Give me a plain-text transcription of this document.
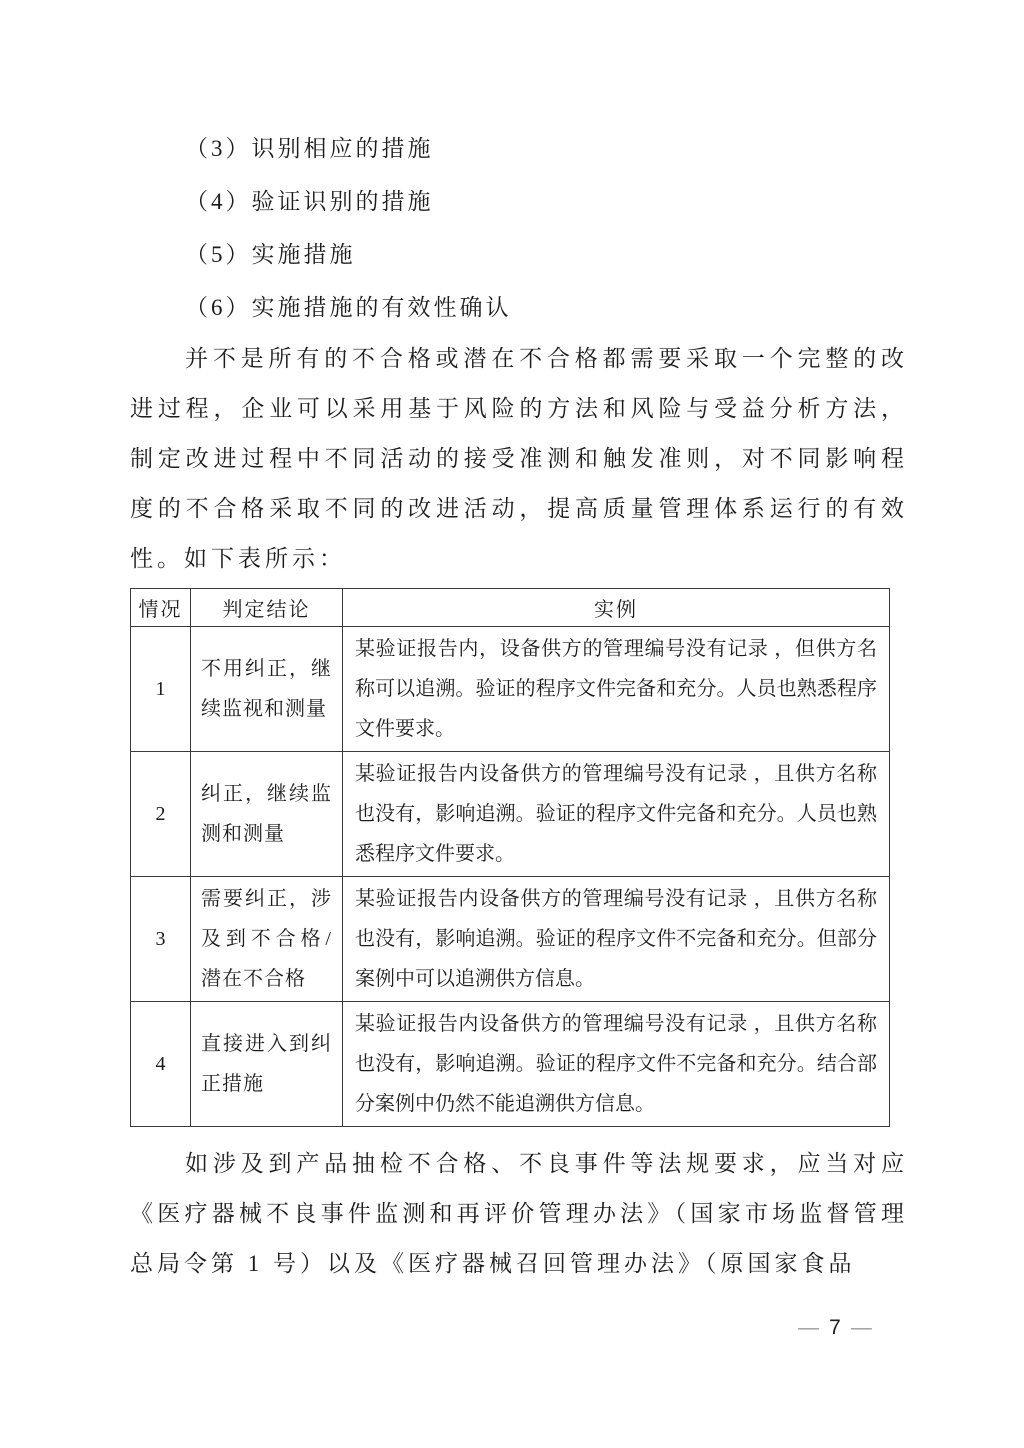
（3）识别相应的措施
（4）验证识别的措施
（5）实施措施
（6）实施措施的有效性确认

并不是所有的不合格或潜在不合格都需要采取一个完整的改进过程，企业可以采用基于风险的方法和风险与受益分析方法，制定改进过程中不同活动的接受准测和触发准则，对不同影响程度的不合格采取不同的改进活动，提高质量管理体系运行的有效性。如下表所示：

情况	判定结论	实例
1	不用纠正，继续监视和测量	某验证报告内，设备供方的管理编号没有记录 ，但供方名称可以追溯。验证的程序文件完备和充分。人员也熟悉程序文件要求。
2	纠正，继续监测和测量	某验证报告内设备供方的管理编号没有记录 ，且供方名称也没有，影响追溯。验证的程序文件完备和充分。人员也熟悉程序文件要求。
3	需要纠正，涉及到不合格/潜在不合格	某验证报告内设备供方的管理编号没有记录 ，且供方名称也没有，影响追溯。验证的程序文件不完备和充分。但部分案例中可以追溯供方信息。
4	直接进入到纠正措施	某验证报告内设备供方的管理编号没有记录 ，且供方名称也没有，影响追溯。验证的程序文件不完备和充分。结合部分案例中仍然不能追溯供方信息。

如涉及到产品抽检不合格、不良事件等法规要求，应当对应《医疗器械不良事件监测和再评价管理办法》（国家市场监督管理总局令第 1 号）以及《医疗器械召回管理办法》（原国家食品

— 7 —
